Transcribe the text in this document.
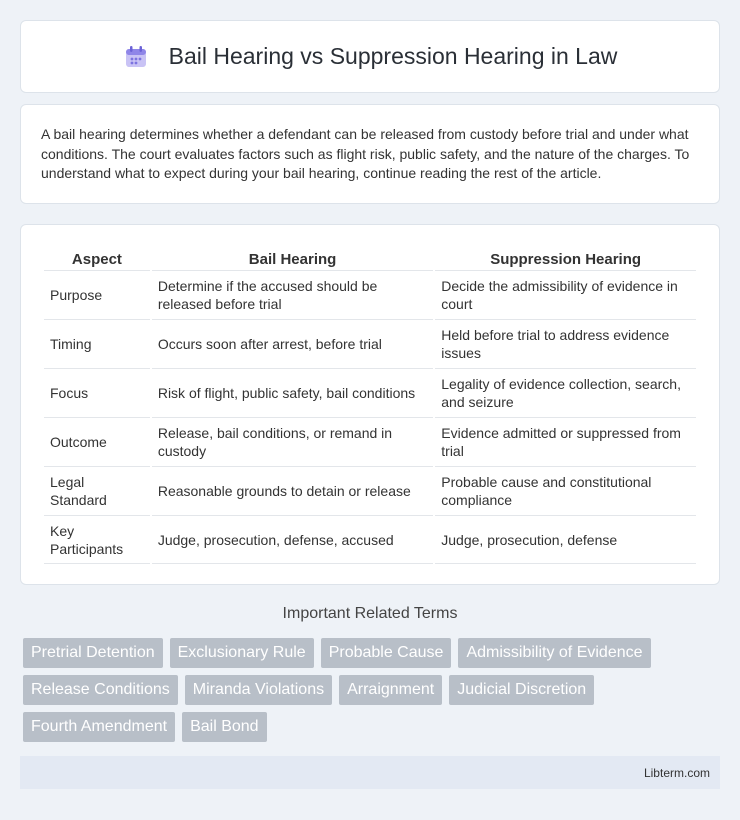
Bail Hearing vs Suppression Hearing in Law

A bail hearing determines whether a defendant can be released from custody before trial and under what conditions. The court evaluates factors such as flight risk, public safety, and the nature of the charges. To understand what to expect during your bail hearing, continue reading the rest of the article.

Aspect	Bail Hearing	Suppression Hearing
Purpose	Determine if the accused should be released before trial	Decide the admissibility of evidence in court
Timing	Occurs soon after arrest, before trial	Held before trial to address evidence issues
Focus	Risk of flight, public safety, bail conditions	Legality of evidence collection, search, and seizure
Outcome	Release, bail conditions, or remand in custody	Evidence admitted or suppressed from trial
Legal Standard	Reasonable grounds to detain or release	Probable cause and constitutional compliance
Key Participants	Judge, prosecution, defense, accused	Judge, prosecution, defense
Important Related Terms
Pretrial Detention	Exclusionary Rule	Probable Cause	Admissibility of Evidence
Release Conditions	Miranda Violations	Arraignment	Judicial Discretion
Fourth Amendment	Bail Bond
Libterm.com
